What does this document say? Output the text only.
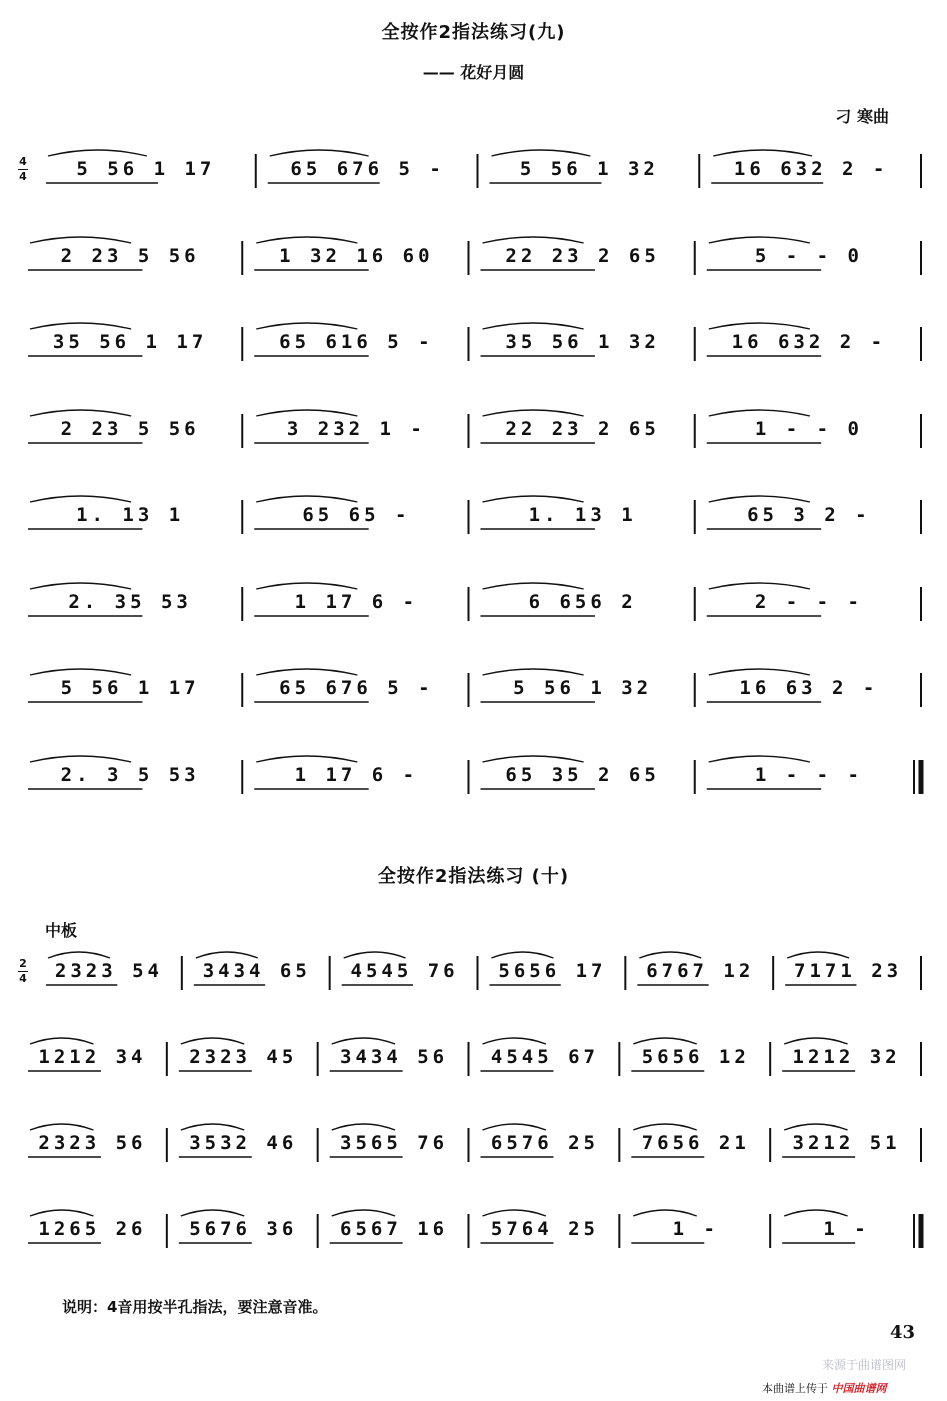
全按作2指法练习(九)
—— 花好月圆
刁 寒曲
4
4	5 56 1 17	65 676 5 -	5 56 1 32	16 632 2 -
2 23 5 56	1 32 16 60	22 23 2 65	5 - - 0
35 56 1 17	65 616 5 -	35 56 1 32	16 632 2 -
2 23 5 56	3 232 1 -	22 23 2 65	1 - - 0
1. 13 1	65 65 -	1. 13 1	65 3 2 -
2. 35 53	1 17 6 -	6 656 2	2 - - -
5 56 1 17	65 676 5 -	5 56 1 32	16 63 2 -
2. 3 5 53	1 17 6 -	65 35 2 65	1 - - -
全按作2指法练习 (十)
中板
2
4	2323 54	3434 65	4545 76	5656 17	6767 12	7171 23
1212 34	2323 45	3434 56	4545 67	5656 12	1212 32
2323 56	3532 46	3565 76	6576 25	7656 21	3212 51
1265 26	5676 36	6567 16	5764 25	1 -	1 -
说明：4音用按半孔指法，要注意音准。
43
来源于曲谱图网
本曲谱上传于 中国曲谱网
